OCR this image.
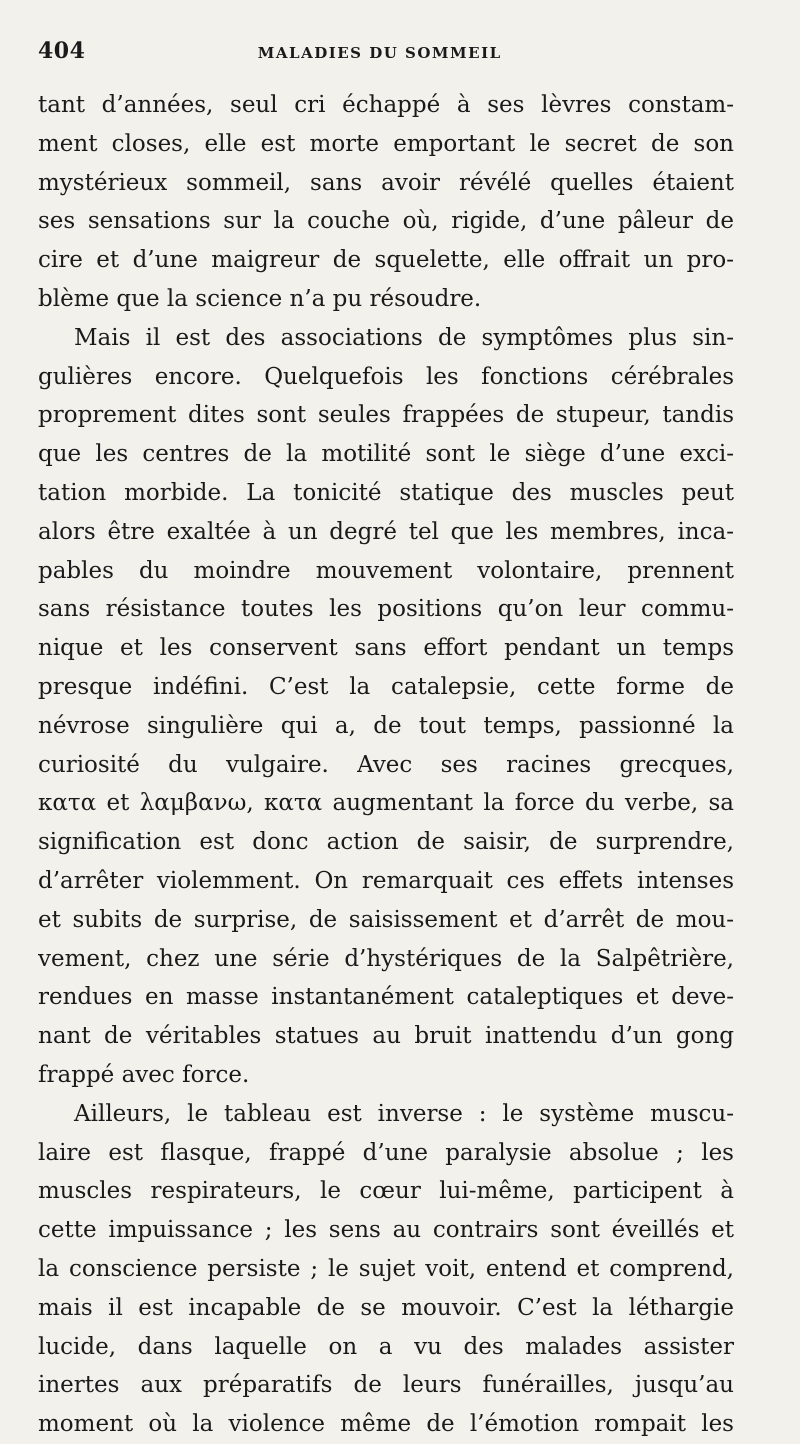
404	MALADIES DU SOMMEIL
tant d’années, seul cri échappé à ses lèvres constam-
ment closes, elle est morte emportant le secret de son
mystérieux sommeil, sans avoir révélé quelles étaient
ses sensations sur la couche où, rigide, d’une pâleur de
cire et d’une maigreur de squelette, elle offrait un pro-
blème que la science n’a pu résoudre.
Mais il est des associations de symptômes plus sin-
gulières encore. Quelquefois les fonctions cérébrales
proprement dites sont seules frappées de stupeur, tandis
que les centres de la motilité sont le siège d’une exci-
tation morbide. La tonicité statique des muscles peut
alors être exaltée à un degré tel que les membres, inca-
pables du moindre mouvement volontaire, prennent
sans résistance toutes les positions qu’on leur commu-
nique et les conservent sans effort pendant un temps
presque indéfini. C’est la catalepsie, cette forme de
névrose singulière qui a, de tout temps, passionné la
curiosité du vulgaire. Avec ses racines grecques,
κατα et λαμβανω, κατα augmentant la force du verbe, sa
signification est donc action de saisir, de surprendre,
d’arrêter violemment. On remarquait ces effets intenses
et subits de surprise, de saisissement et d’arrêt de mou-
vement, chez une série d’hystériques de la Salpêtrière,
rendues en masse instantanément cataleptiques et deve-
nant de véritables statues au bruit inattendu d’un gong
frappé avec force.
Ailleurs, le tableau est inverse : le système muscu-
laire est flasque, frappé d’une paralysie absolue ; les
muscles respirateurs, le cœur lui-même, participent à
cette impuissance ; les sens au contrairs sont éveillés et
la conscience persiste ; le sujet voit, entend et comprend,
mais il est incapable de se mouvoir. C’est la léthargie
lucide, dans laquelle on a vu des malades assister
inertes aux préparatifs de leurs funérailles, jusqu’au
moment où la violence même de l’émotion rompait les
